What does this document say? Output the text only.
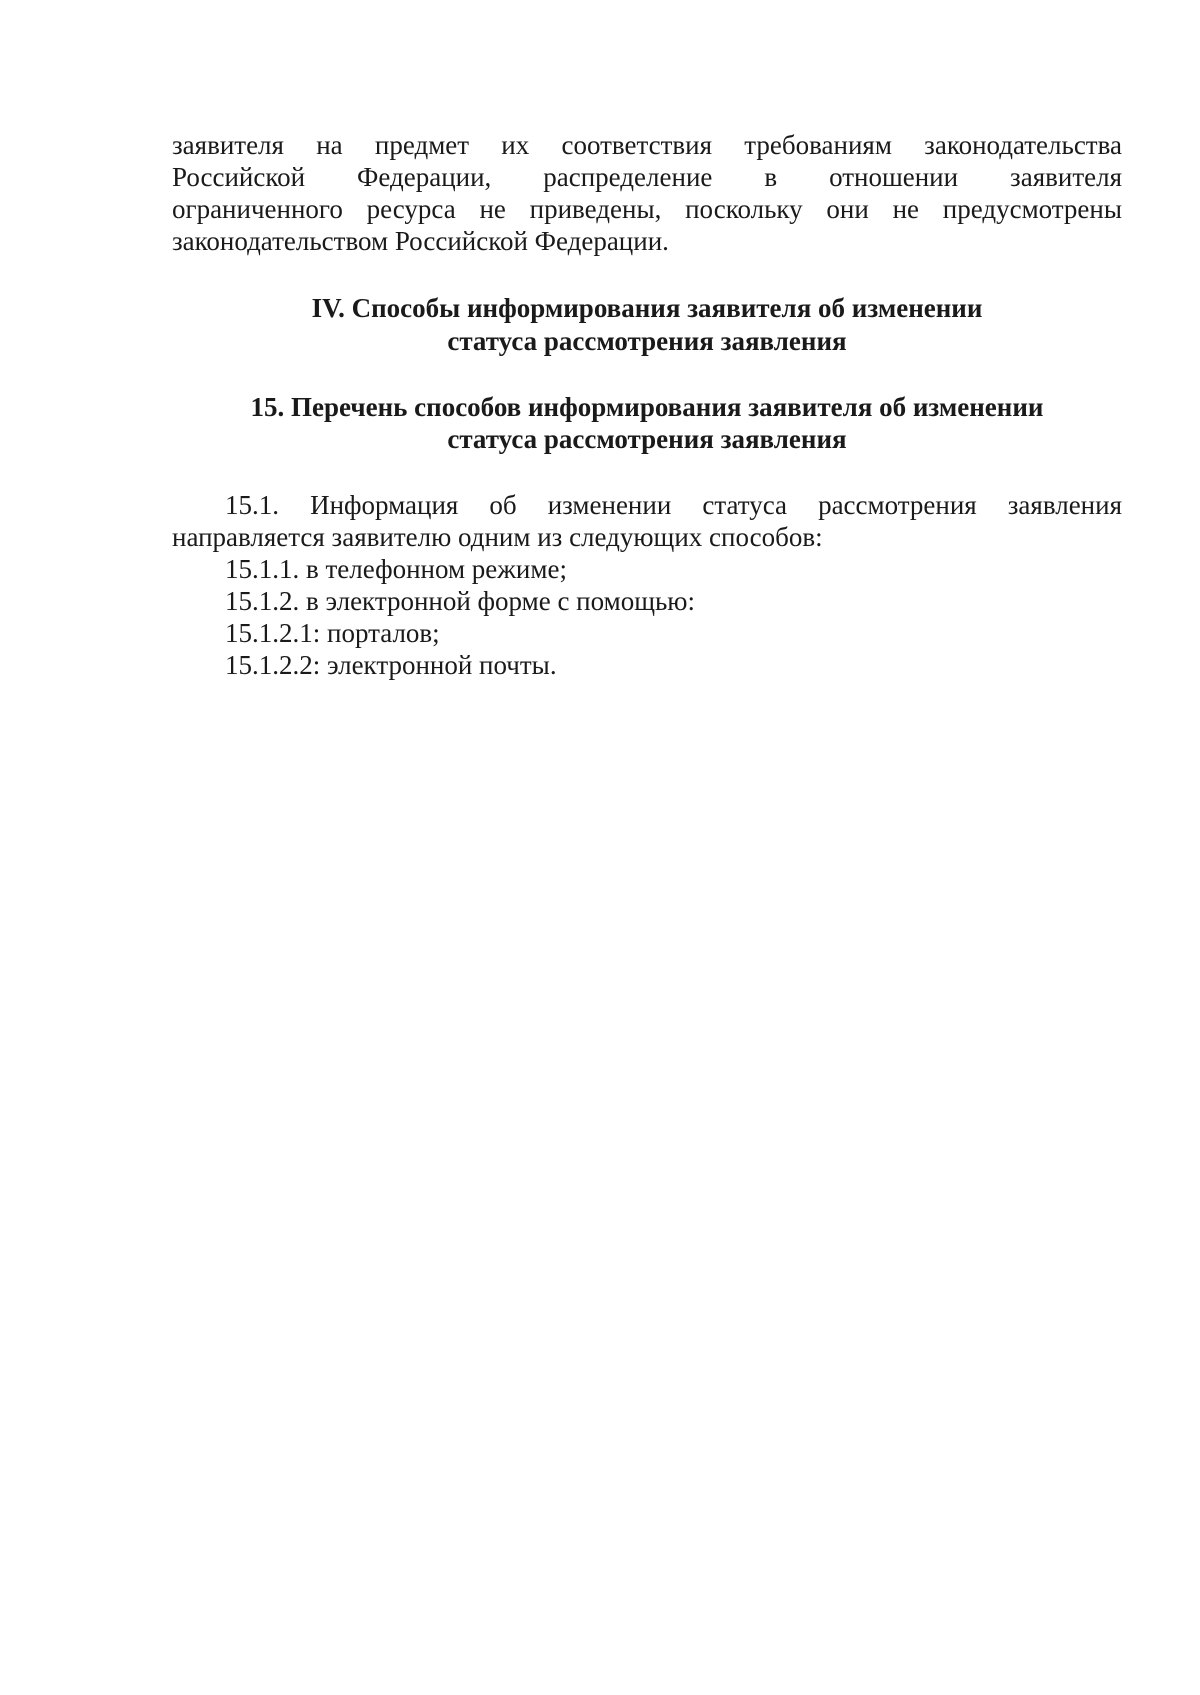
заявителя на предмет их соответствия требованиям законодательства
Российской Федерации, распределение в отношении заявителя
ограниченного ресурса не приведены, поскольку они не предусмотрены
законодательством Российской Федерации.
IV. Способы информирования заявителя об изменении
статуса рассмотрения заявления
15. Перечень способов информирования заявителя об изменении
статуса рассмотрения заявления
15.1. Информация об изменении статуса рассмотрения заявления
направляется заявителю одним из следующих способов:
15.1.1. в телефонном режиме;
15.1.2. в электронной форме с помощью:
15.1.2.1: порталов;
15.1.2.2: электронной почты.
